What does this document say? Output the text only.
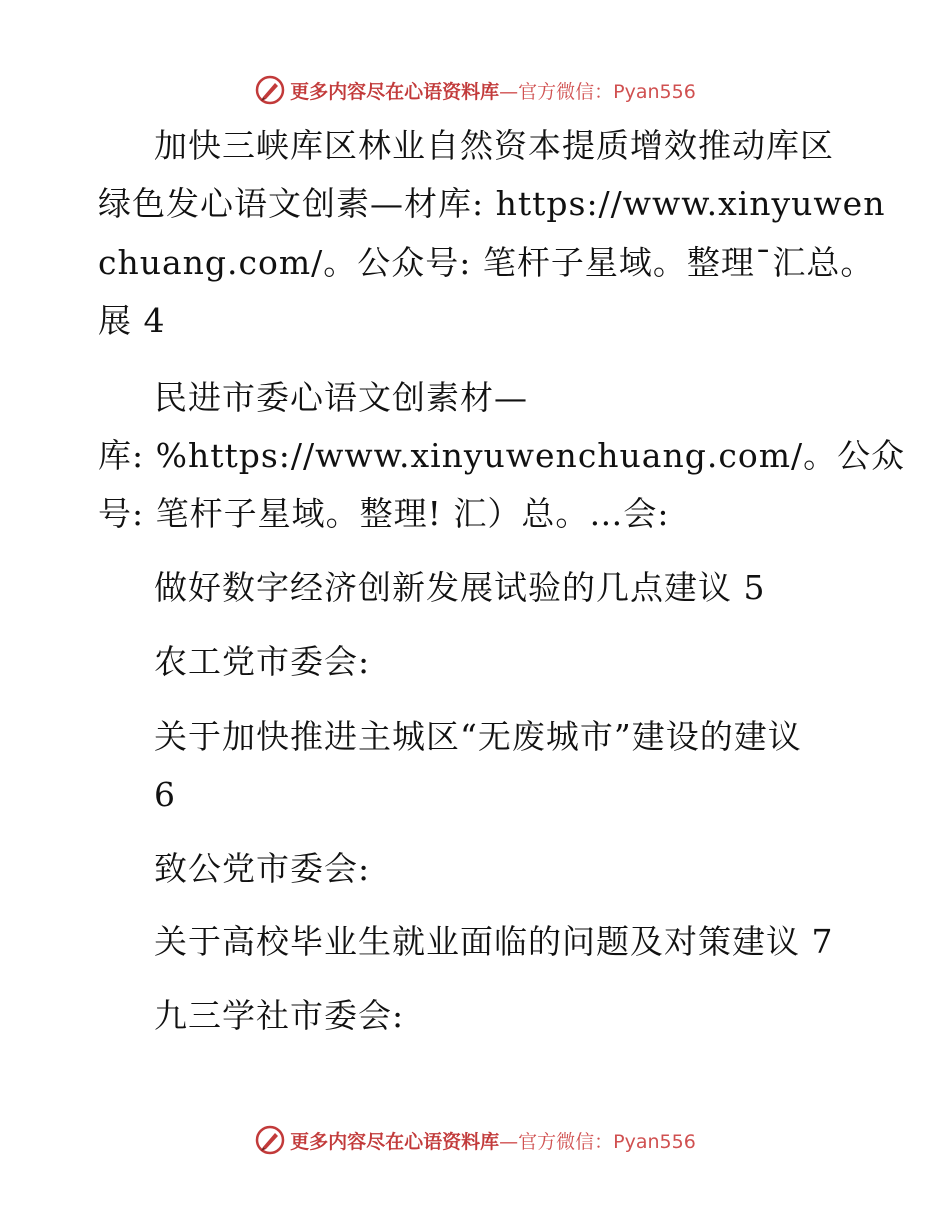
更多内容尽在心语资料库—官方微信：Pyan556
加快三峡库区林业自然资本提质增效推动库区
绿色发心语文创素—材库: https://www.xinyuwen
chuang.com/。公众号: 笔杆子星域。整理¯汇总。
展 4
民进市委心语文创素材—
库: %https://www.xinyuwenchuang.com/。公众
号: 笔杆子星域。整理! 汇）总。…会:
做好数字经济创新发展试验的几点建议 5
农工党市委会:
关于加快推进主城区“无废城市”建设的建议
6
致公党市委会:
关于高校毕业生就业面临的问题及对策建议 7
九三学社市委会:
更多内容尽在心语资料库—官方微信：Pyan556
